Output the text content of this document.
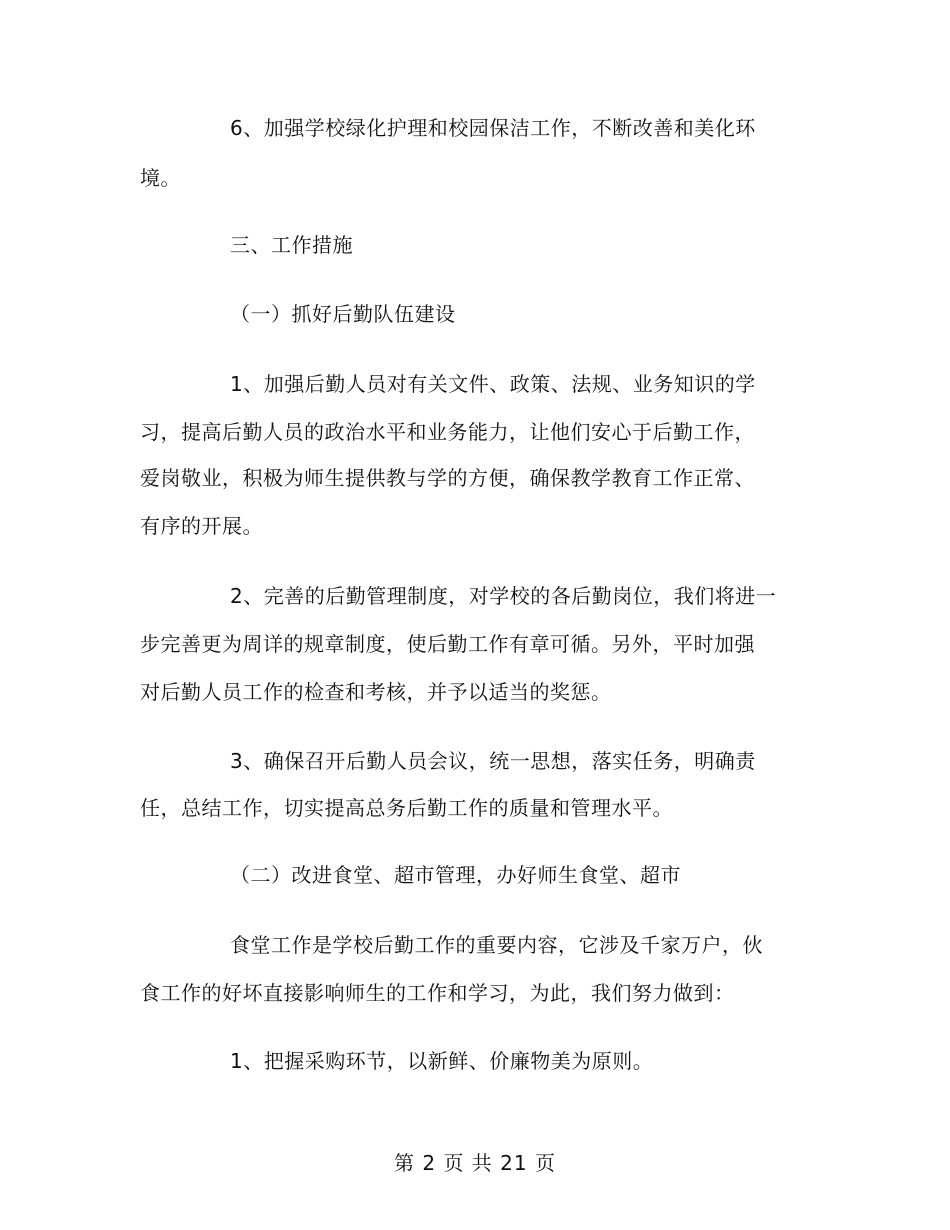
6、加强学校绿化护理和校园保洁工作，不断改善和美化环
境。
三、工作措施
（一）抓好后勤队伍建设
1、加强后勤人员对有关文件、政策、法规、业务知识的学
习，提高后勤人员的政治水平和业务能力，让他们安心于后勤工作，
爱岗敬业，积极为师生提供教与学的方便，确保教学教育工作正常、
有序的开展。
2、完善的后勤管理制度，对学校的各后勤岗位，我们将进一
步完善更为周详的规章制度，使后勤工作有章可循。另外，平时加强
对后勤人员工作的检查和考核，并予以适当的奖惩。
3、确保召开后勤人员会议，统一思想，落实任务，明确责
任，总结工作，切实提高总务后勤工作的质量和管理水平。
（二）改进食堂、超市管理，办好师生食堂、超市
食堂工作是学校后勤工作的重要内容，它涉及千家万户，伙
食工作的好坏直接影响师生的工作和学习，为此，我们努力做到：
1、把握采购环节，以新鲜、价廉物美为原则。
第 2 页 共 21 页
